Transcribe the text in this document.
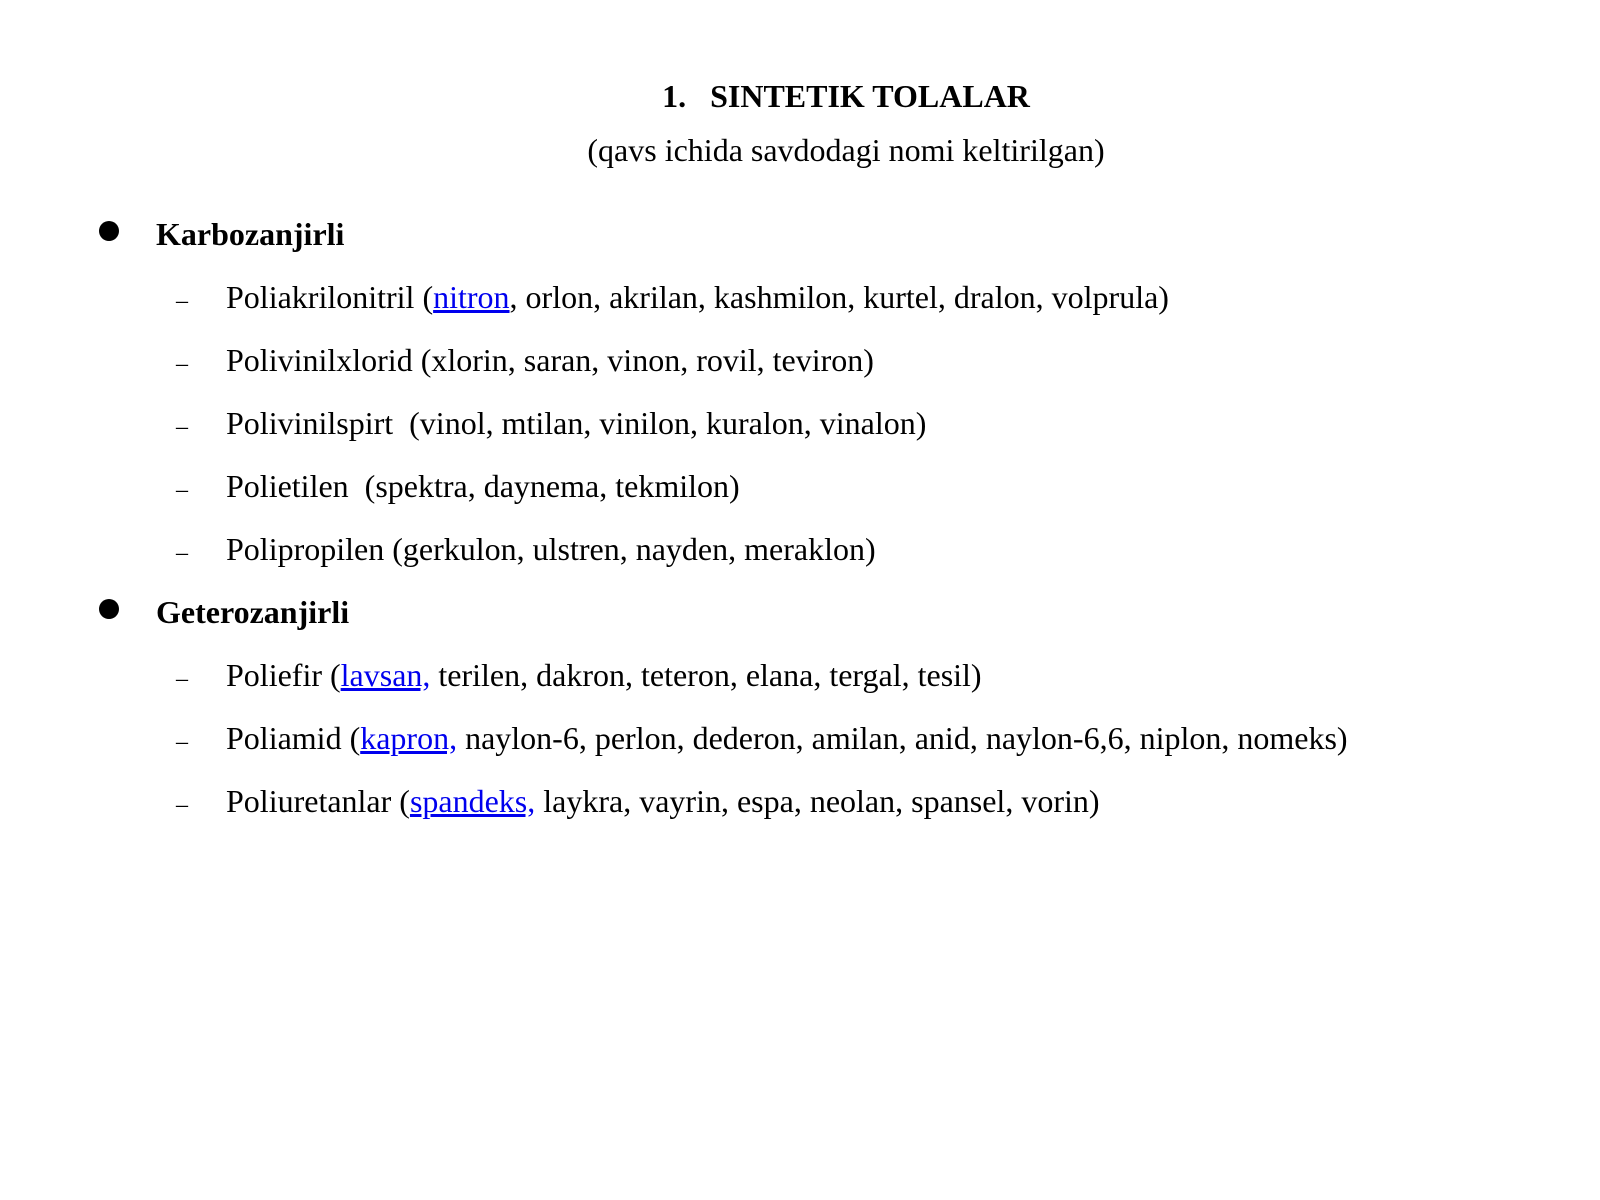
1. SINTETIK TOLALAR
(qavs ichida savdodagi nomi keltirilgan)
Karbozanjirli
– Poliakrilonitril (nitron, orlon, akrilan, kashmilon, kurtel, dralon, volprula)
– Polivinilxlorid (xlorin, saran, vinon, rovil, teviron)
– Polivinilspirt  (vinol, mtilan, vinilon, kuralon, vinalon)
– Polietilen  (spektra, daynema, tekmilon)
– Polipropilen (gerkulon, ulstren, nayden, meraklon)
Geterozanjirli
– Poliefir (lavsan, terilen, dakron, teteron, elana, tergal, tesil)
– Poliamid (kapron, naylon-6, perlon, dederon, amilan, anid, naylon-6,6, niplon, nomeks)
– Poliuretanlar (spandeks, laykra, vayrin, espa, neolan, spansel, vorin)
